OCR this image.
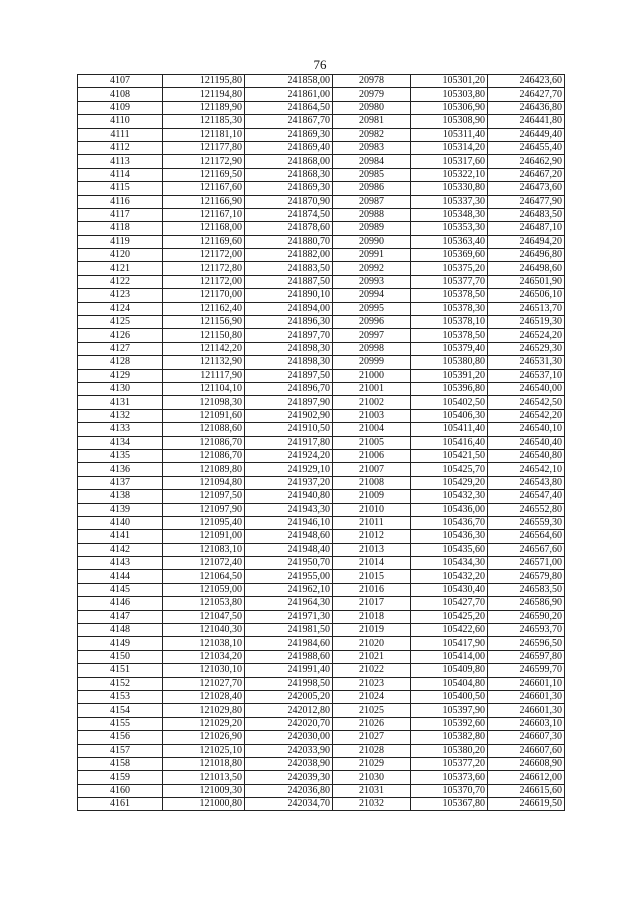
76
4107	121195,80	241858,00	20978	105301,20	246423,60
4108	121194,80	241861,00	20979	105303,80	246427,70
4109	121189,90	241864,50	20980	105306,90	246436,80
4110	121185,30	241867,70	20981	105308,90	246441,80
4111	121181,10	241869,30	20982	105311,40	246449,40
4112	121177,80	241869,40	20983	105314,20	246455,40
4113	121172,90	241868,00	20984	105317,60	246462,90
4114	121169,50	241868,30	20985	105322,10	246467,20
4115	121167,60	241869,30	20986	105330,80	246473,60
4116	121166,90	241870,90	20987	105337,30	246477,90
4117	121167,10	241874,50	20988	105348,30	246483,50
4118	121168,00	241878,60	20989	105353,30	246487,10
4119	121169,60	241880,70	20990	105363,40	246494,20
4120	121172,00	241882,00	20991	105369,60	246496,80
4121	121172,80	241883,50	20992	105375,20	246498,60
4122	121172,00	241887,50	20993	105377,70	246501,90
4123	121170,00	241890,10	20994	105378,50	246506,10
4124	121162,40	241894,00	20995	105378,30	246513,70
4125	121156,90	241896,30	20996	105378,10	246519,30
4126	121150,80	241897,70	20997	105378,50	246524,20
4127	121142,20	241898,30	20998	105379,40	246529,30
4128	121132,90	241898,30	20999	105380,80	246531,30
4129	121117,90	241897,50	21000	105391,20	246537,10
4130	121104,10	241896,70	21001	105396,80	246540,00
4131	121098,30	241897,90	21002	105402,50	246542,50
4132	121091,60	241902,90	21003	105406,30	246542,20
4133	121088,60	241910,50	21004	105411,40	246540,10
4134	121086,70	241917,80	21005	105416,40	246540,40
4135	121086,70	241924,20	21006	105421,50	246540,80
4136	121089,80	241929,10	21007	105425,70	246542,10
4137	121094,80	241937,20	21008	105429,20	246543,80
4138	121097,50	241940,80	21009	105432,30	246547,40
4139	121097,90	241943,30	21010	105436,00	246552,80
4140	121095,40	241946,10	21011	105436,70	246559,30
4141	121091,00	241948,60	21012	105436,30	246564,60
4142	121083,10	241948,40	21013	105435,60	246567,60
4143	121072,40	241950,70	21014	105434,30	246571,00
4144	121064,50	241955,00	21015	105432,20	246579,80
4145	121059,00	241962,10	21016	105430,40	246583,50
4146	121053,80	241964,30	21017	105427,70	246586,90
4147	121047,50	241971,30	21018	105425,20	246590,20
4148	121040,30	241981,50	21019	105422,60	246593,70
4149	121038,10	241984,60	21020	105417,90	246596,50
4150	121034,20	241988,60	21021	105414,00	246597,80
4151	121030,10	241991,40	21022	105409,80	246599,70
4152	121027,70	241998,50	21023	105404,80	246601,10
4153	121028,40	242005,20	21024	105400,50	246601,30
4154	121029,80	242012,80	21025	105397,90	246601,30
4155	121029,20	242020,70	21026	105392,60	246603,10
4156	121026,90	242030,00	21027	105382,80	246607,30
4157	121025,10	242033,90	21028	105380,20	246607,60
4158	121018,80	242038,90	21029	105377,20	246608,90
4159	121013,50	242039,30	21030	105373,60	246612,00
4160	121009,30	242036,80	21031	105370,70	246615,60
4161	121000,80	242034,70	21032	105367,80	246619,50
